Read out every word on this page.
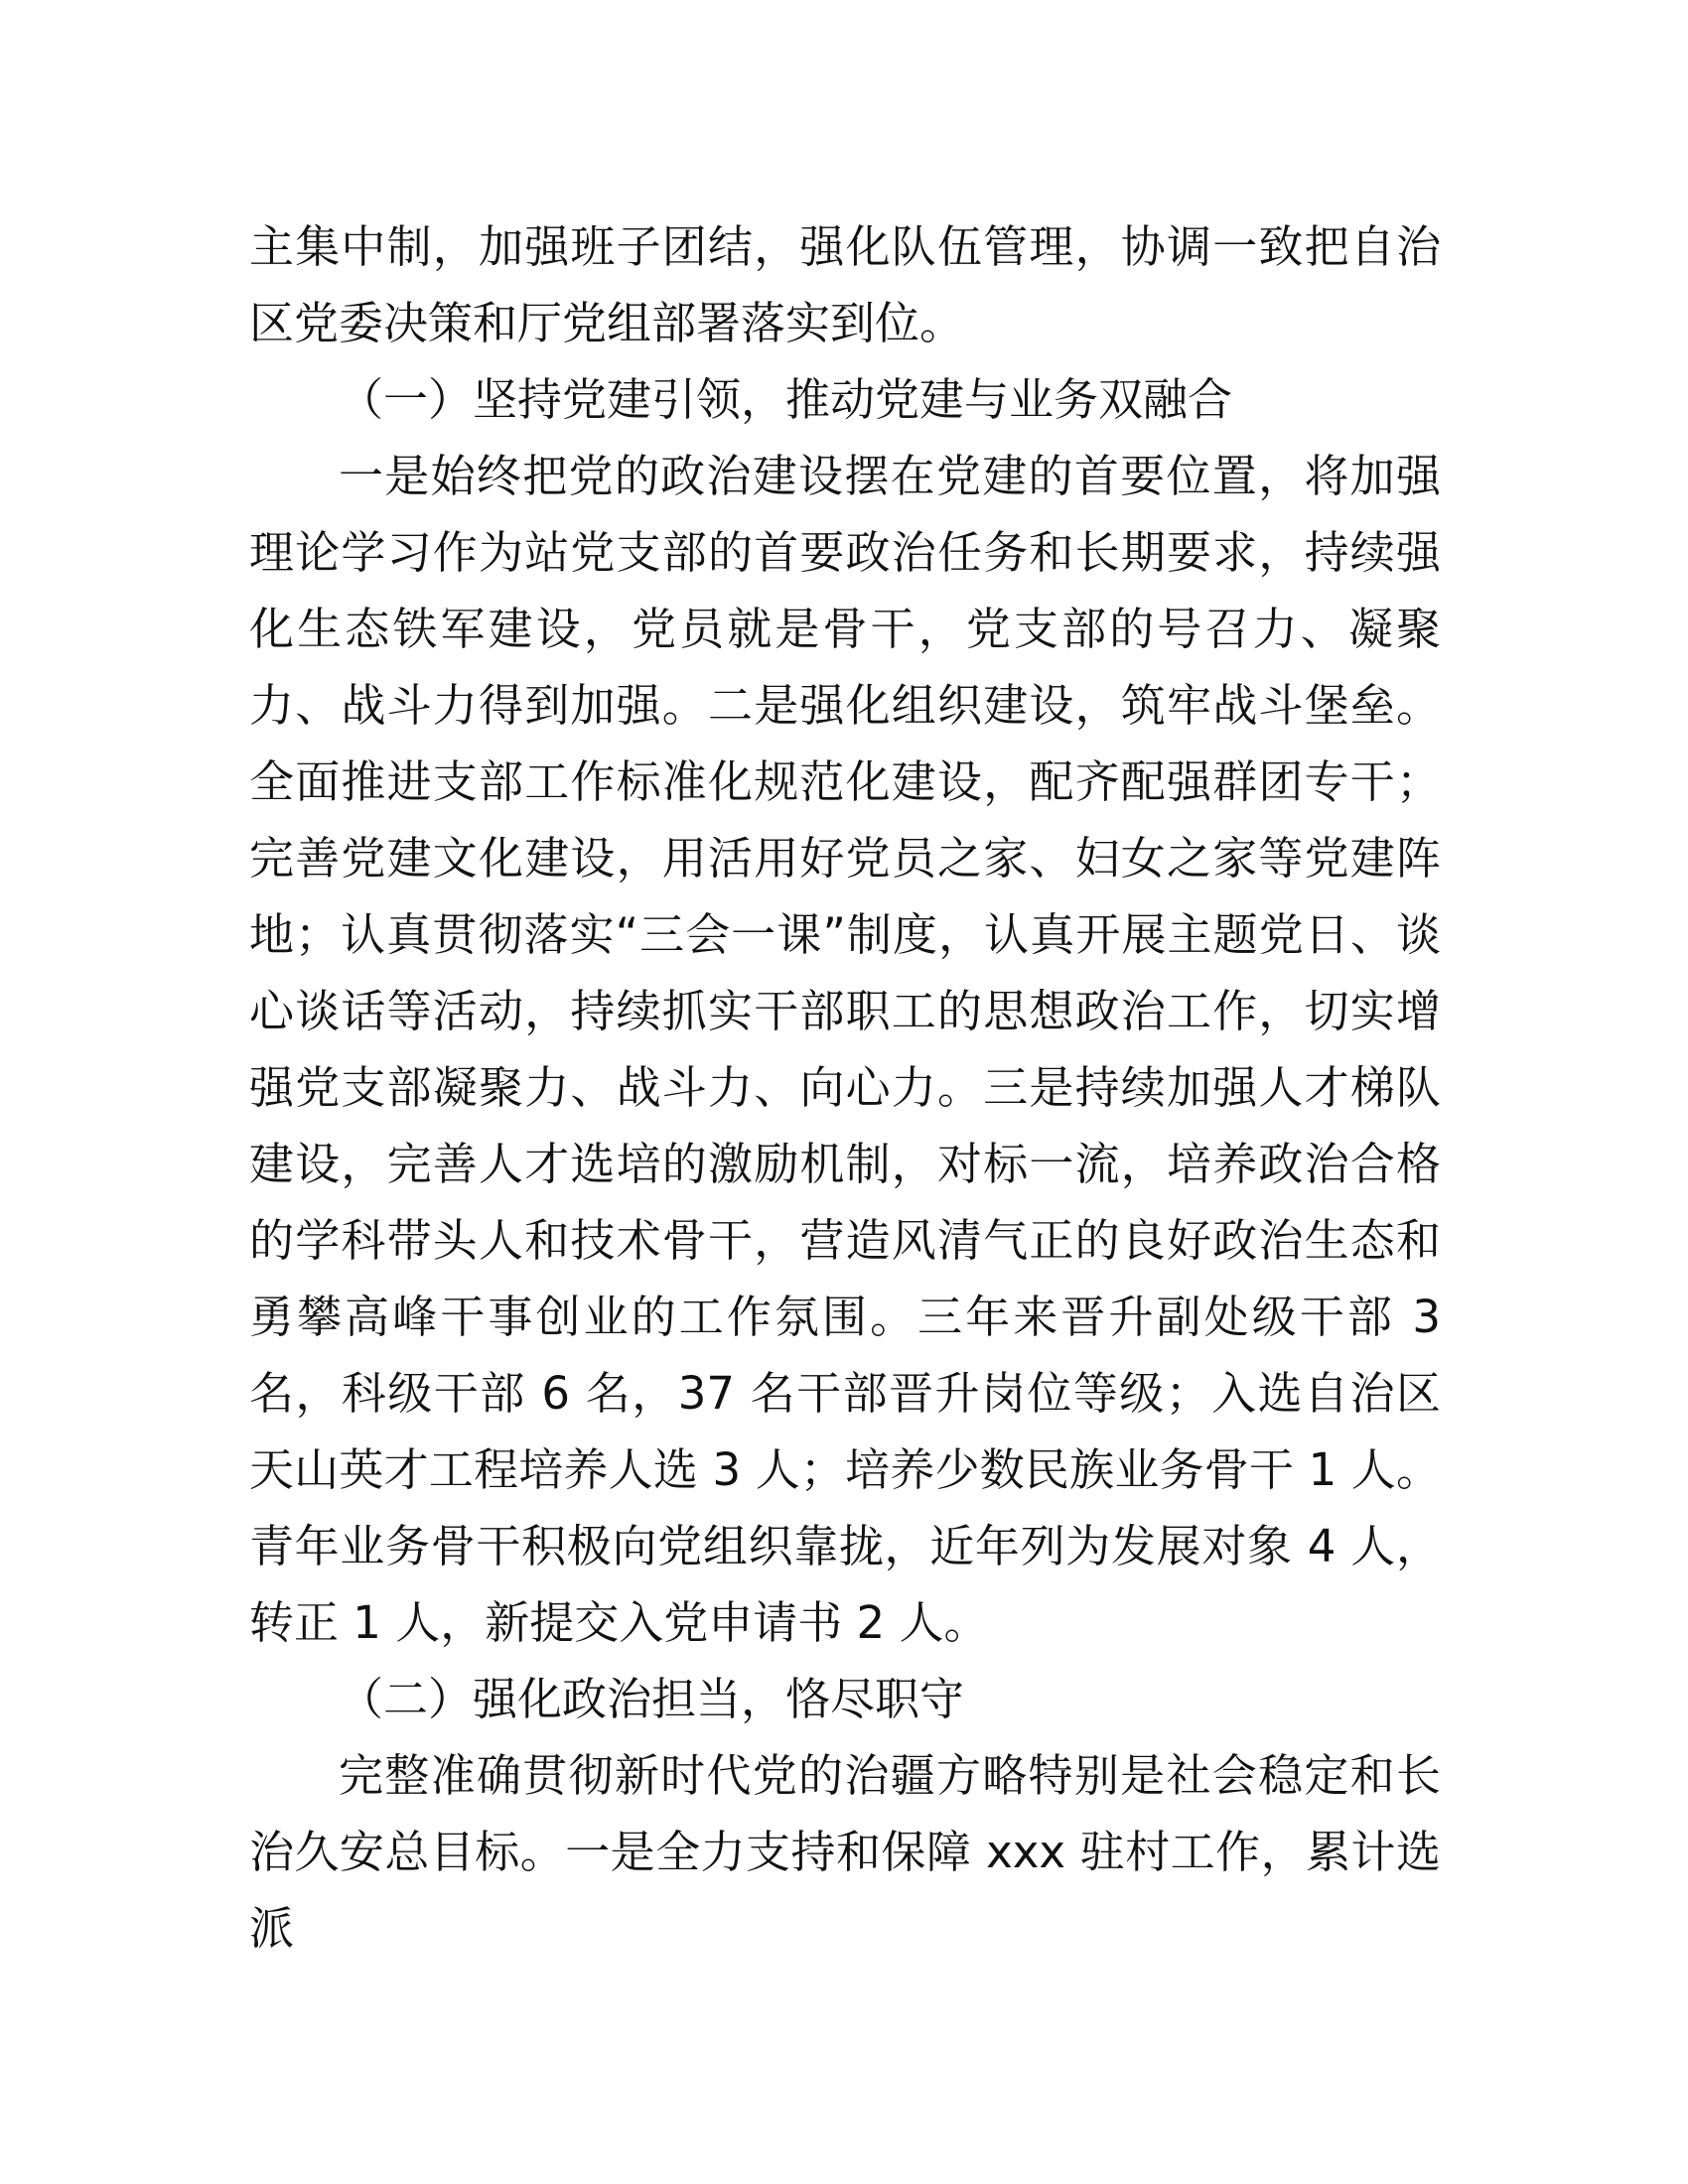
主集中制，加强班子团结，强化队伍管理，协调一致把自治区党委决策和厅党组部署落实到位。

（一）坚持党建引领，推动党建与业务双融合

一是始终把党的政治建设摆在党建的首要位置，将加强理论学习作为站党支部的首要政治任务和长期要求，持续强化生态铁军建设，党员就是骨干，党支部的号召力、凝聚力、战斗力得到加强。二是强化组织建设，筑牢战斗堡垒。全面推进支部工作标准化规范化建设，配齐配强群团专干；完善党建文化建设，用活用好党员之家、妇女之家等党建阵地；认真贯彻落实“三会一课”制度，认真开展主题党日、谈心谈话等活动，持续抓实干部职工的思想政治工作，切实增强党支部凝聚力、战斗力、向心力。三是持续加强人才梯队建设，完善人才选培的激励机制，对标一流，培养政治合格的学科带头人和技术骨干，营造风清气正的良好政治生态和勇攀高峰干事创业的工作氛围。三年来晋升副处级干部 3 名，科级干部 6 名，37 名干部晋升岗位等级；入选自治区天山英才工程培养人选 3 人；培养少数民族业务骨干 1 人。青年业务骨干积极向党组织靠拢，近年列为发展对象 4 人，转正 1 人，新提交入党申请书 2 人。

（二）强化政治担当，恪尽职守

完整准确贯彻新时代党的治疆方略特别是社会稳定和长治久安总目标。一是全力支持和保障 xxx 驻村工作，累计选派
